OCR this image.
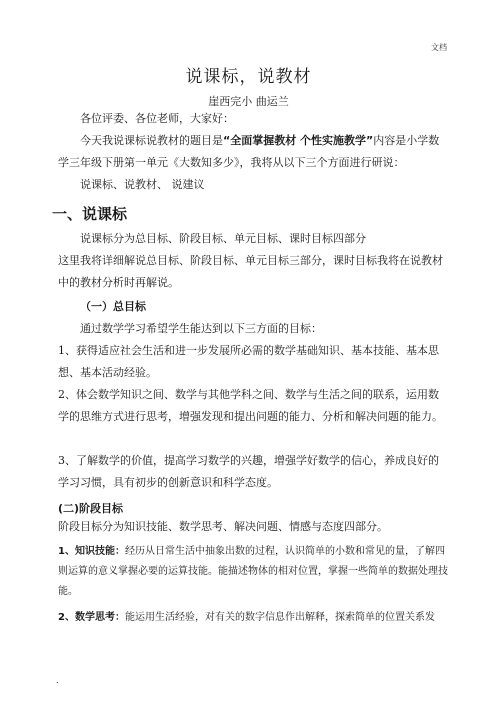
文档
说课标，说教材
崖西完小 曲运兰
各位评委、各位老师，大家好：
今天我说课标说教材的题目是“全面掌握教材 个性实施教学”内容是小学数学三年级下册第一单元《大数知多少》，我将从以下三个方面进行研说：
说课标、说教材、 说建议
一、说课标
说课标分为总目标、阶段目标、单元目标、课时目标四部分
这里我将详细解说总目标、阶段目标、单元目标三部分，课时目标我将在说教材中的教材分析时再解说。
（一）总目标
通过数学学习希望学生能达到以下三方面的目标：
1、获得适应社会生活和进一步发展所必需的数学基础知识、基本技能、基本思想、基本活动经验。
2、体会数学知识之间、数学与其他学科之间、数学与生活之间的联系，运用数学的思维方式进行思考，增强发现和提出问题的能力、分析和解决问题的能力。
3、了解数学的价值，提高学习数学的兴趣，增强学好数学的信心，养成良好的学习习惯，具有初步的创新意识和科学态度。
(二)阶段目标
阶段目标分为知识技能、数学思考、解决问题、情感与态度四部分。
1、知识技能：经历从日常生活中抽象出数的过程，认识简单的小数和常见的量，了解四则运算的意义掌握必要的运算技能。能描述物体的相对位置，掌握一些简单的数据处理技能。
2、数学思考：能运用生活经验，对有关的数字信息作出解释，探索简单的位置关系发
.
